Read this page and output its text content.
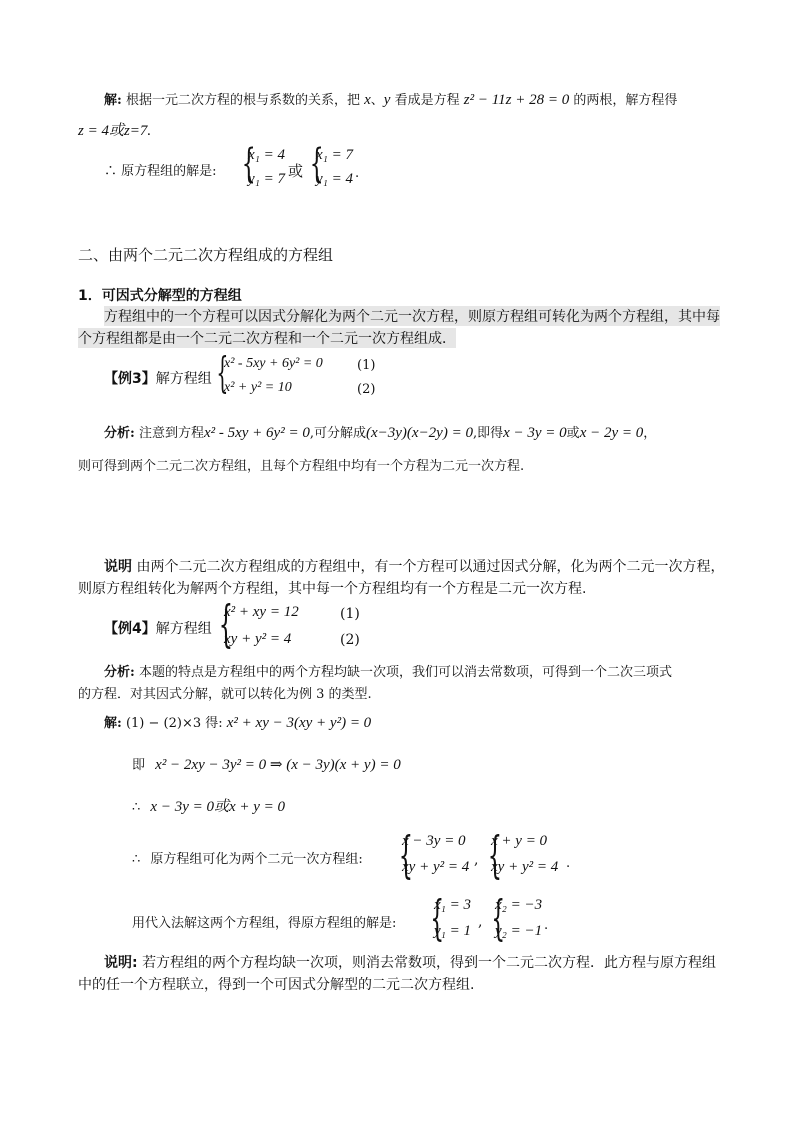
解: 根据一元二次方程的根与系数的关系，把 x、y 看成是方程 z² − 11z + 28 = 0 的两根，解方程得
z = 4或z=7.
∴ 原方程组的解是: {
x₁ = 4
y₁ = 7 或 {
x₁ = 7
y₁ = 4 .
二、由两个二元二次方程组成的方程组
1．可因式分解型的方程组
方程组中的一个方程可以因式分解化为两个二元一次方程，则原方程组可转化为两个方程组，其中每
个方程组都是由一个二元二次方程和一个二元一次方程组成．
【例3】解方程组 {
x² - 5xy + 6y² = 0	(1)
x² + y² = 10	(2)
分析: 注意到方程x² - 5xy + 6y² = 0,可分解成(x−3y)(x−2y) = 0,即得x − 3y = 0或x − 2y = 0，
则可得到两个二元二次方程组，且每个方程组中均有一个方程为二元一次方程.
说明 由两个二元二次方程组成的方程组中，有一个方程可以通过因式分解，化为两个二元一次方程，
则原方程组转化为解两个方程组，其中每一个方程组均有一个方程是二元一次方程.
【例4】解方程组 {
x² + xy = 12	(1)
xy + y² = 4	(2)
分析: 本题的特点是方程组中的两个方程均缺一次项，我们可以消去常数项，可得到一个二次三项式
的方程．对其因式分解，就可以转化为例 3 的类型.
解: (1) − (2)×3 得: x² + xy − 3(xy + y²) = 0
即 x² − 2xy − 3y² = 0 ⇒ (x − 3y)(x + y) = 0
∴ x − 3y = 0或x + y = 0
∴ 原方程组可化为两个二元一次方程组: {
x − 3y = 0
xy + y² = 4 , {
x + y = 0
xy + y² = 4 .
用代入法解这两个方程组，得原方程组的解是: {
x₁ = 3
y₁ = 1
, {
x₂ = −3
y₂ = −1 .
说明: 若方程组的两个方程均缺一次项，则消去常数项，得到一个二元二次方程．此方程与原方程组
中的任一个方程联立，得到一个可因式分解型的二元二次方程组.
